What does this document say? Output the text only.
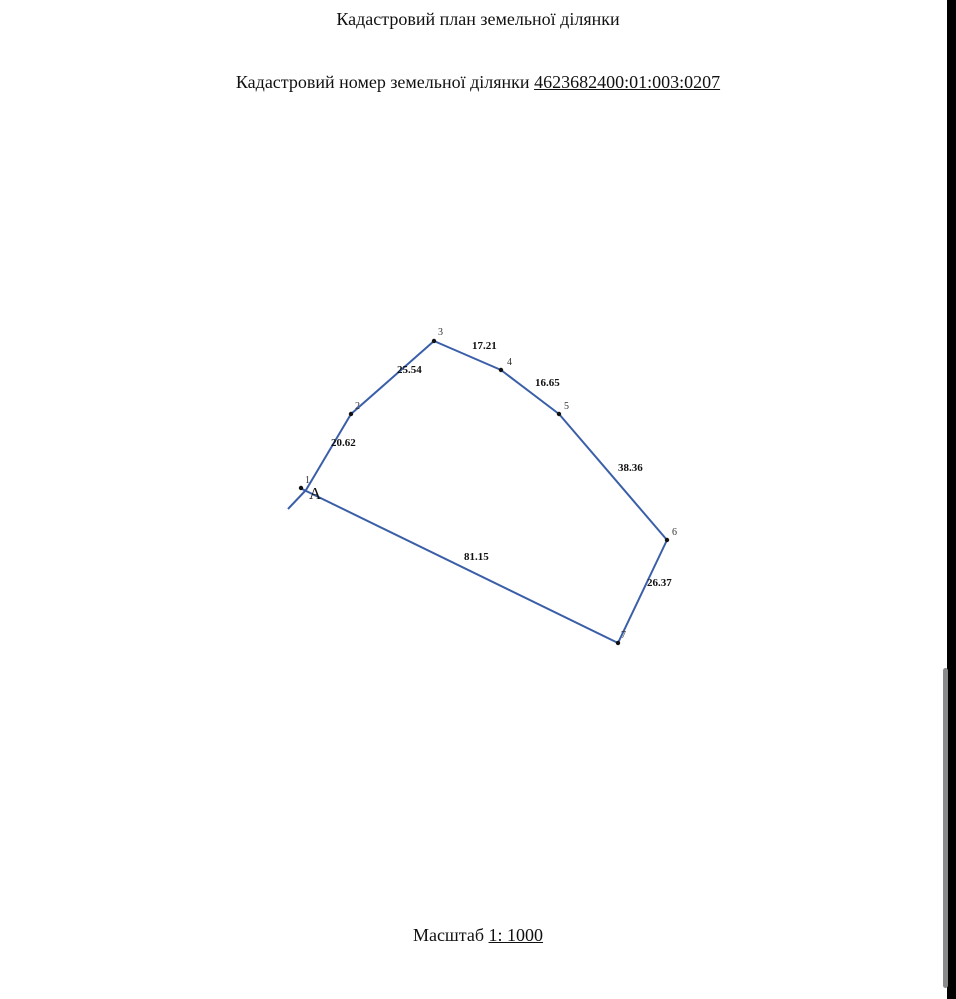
Кадастровий план земельної ділянки
Кадастровий номер земельної ділянки 4623682400:01:003:0207
1
2
3
4
5
6
7
20.62
25.54
17.21
16.65
38.36
26.37
81.15
A
Масштаб 1: 1000
